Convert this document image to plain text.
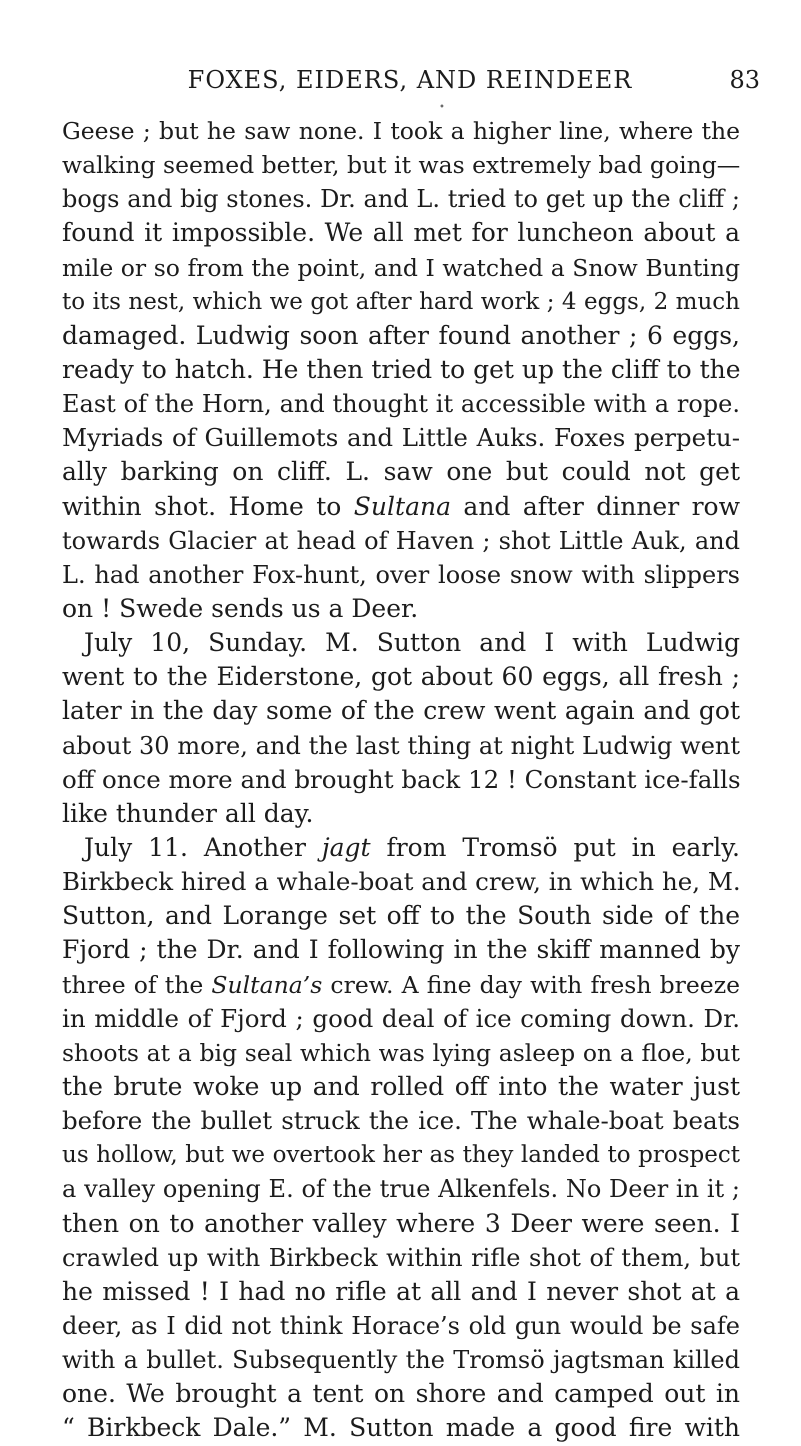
FOXES, EIDERS, AND REINDEER	83
•
Geese ; but he saw none. I took a higher line, where the
walking seemed better, but it was extremely bad going—
bogs and big stones. Dr. and L. tried to get up the cliff ;
found it impossible. We all met for luncheon about a
mile or so from the point, and I watched a Snow Bunting
to its nest, which we got after hard work ; 4 eggs, 2 much
damaged. Ludwig soon after found another ; 6 eggs,
ready to hatch. He then tried to get up the cliff to the
East of the Horn, and thought it accessible with a rope.
Myriads of Guillemots and Little Auks. Foxes perpetu-
ally barking on cliff. L. saw one but could not get
within shot. Home to Sultana and after dinner row
towards Glacier at head of Haven ; shot Little Auk, and
L. had another Fox-hunt, over loose snow with slippers
on ! Swede sends us a Deer.
July 10, Sunday. M. Sutton and I with Ludwig
went to the Eiderstone, got about 60 eggs, all fresh ;
later in the day some of the crew went again and got
about 30 more, and the last thing at night Ludwig went
off once more and brought back 12 ! Constant ice-falls
like thunder all day.
July 11. Another jagt from Tromsö put in early.
Birkbeck hired a whale-boat and crew, in which he, M.
Sutton, and Lorange set off to the South side of the
Fjord ; the Dr. and I following in the skiff manned by
three of the Sultana’s crew. A fine day with fresh breeze
in middle of Fjord ; good deal of ice coming down. Dr.
shoots at a big seal which was lying asleep on a floe, but
the brute woke up and rolled off into the water just
before the bullet struck the ice. The whale-boat beats
us hollow, but we overtook her as they landed to prospect
a valley opening E. of the true Alkenfels. No Deer in it ;
then on to another valley where 3 Deer were seen. I
crawled up with Birkbeck within rifle shot of them, but
he missed ! I had no rifle at all and I never shot at a
deer, as I did not think Horace’s old gun would be safe
with a bullet. Subsequently the Tromsö jagtsman killed
one. We brought a tent on shore and camped out in
“ Birkbeck Dale.” M. Sutton made a good fire with
